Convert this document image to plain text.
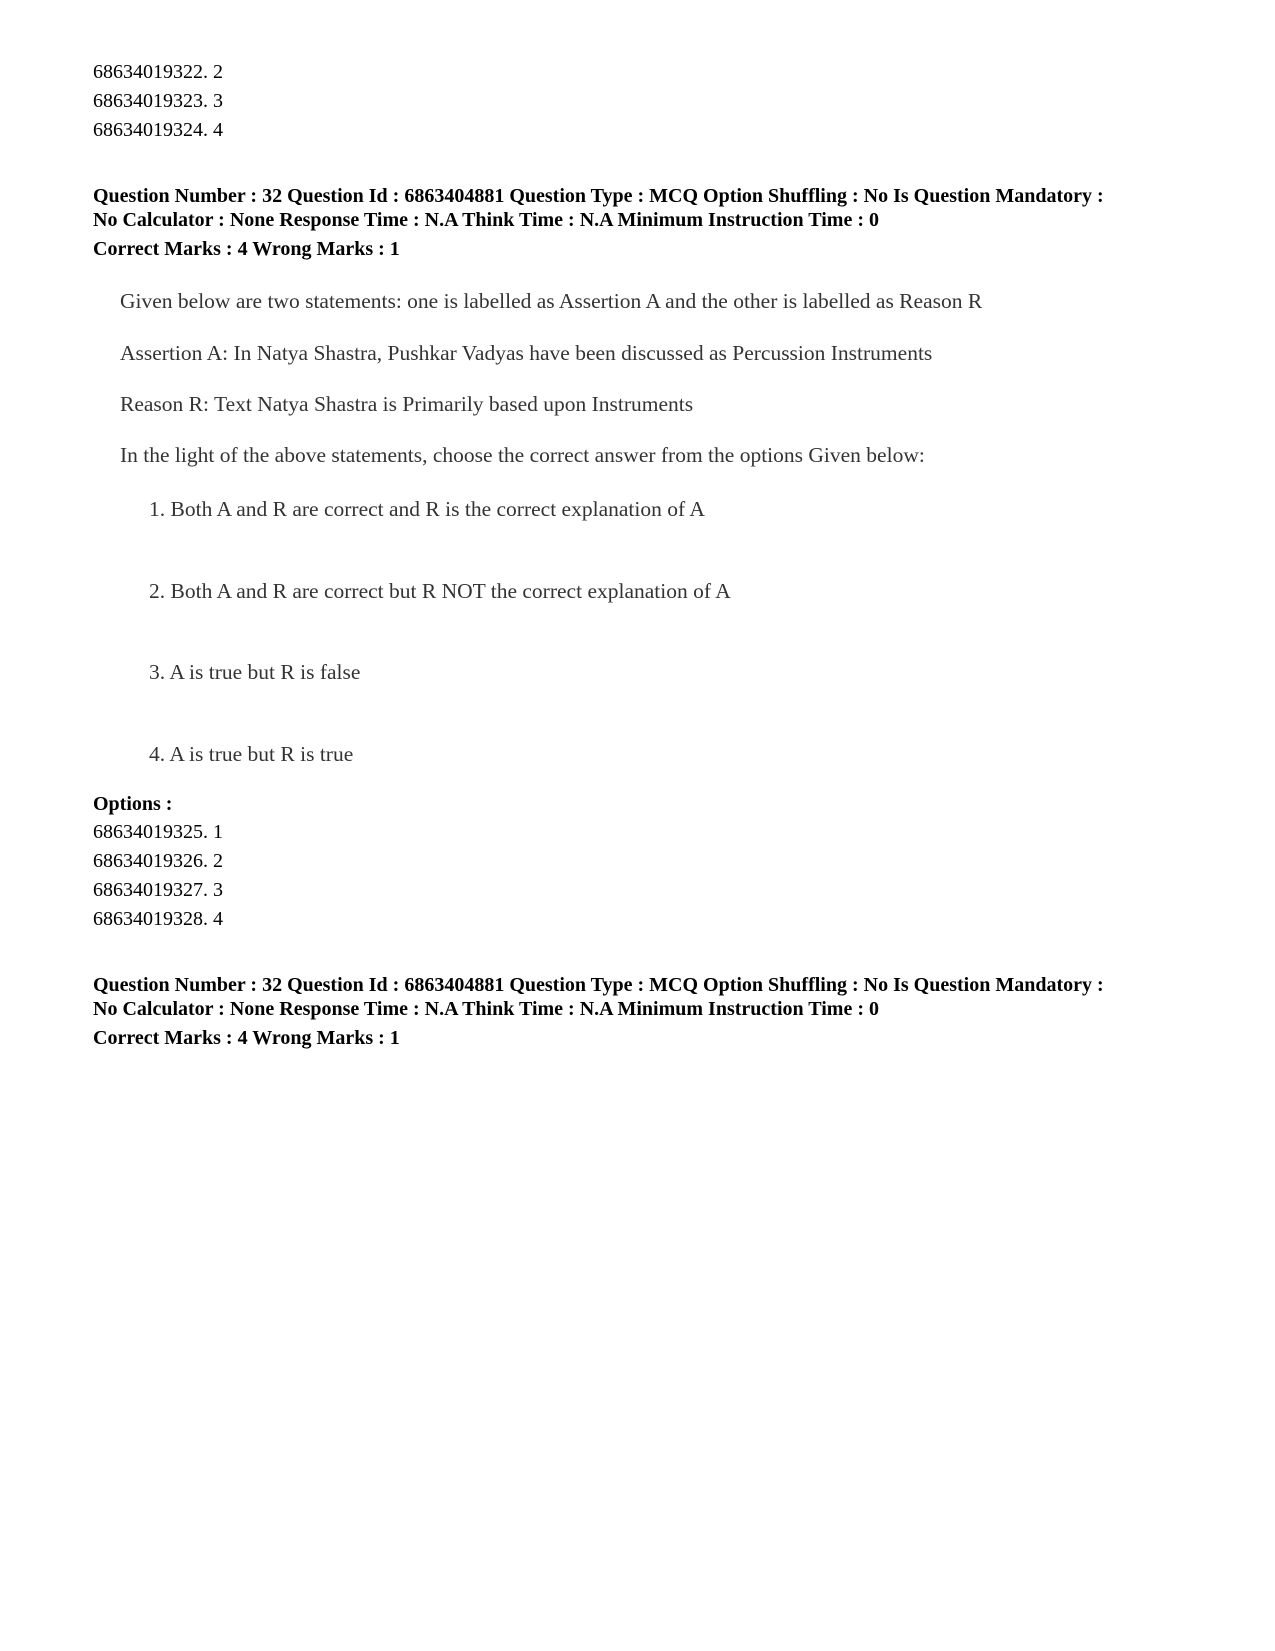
68634019322. 2
68634019323. 3
68634019324. 4
Question Number : 32 Question Id : 6863404881 Question Type : MCQ Option Shuffling : No Is Question Mandatory :
No Calculator : None Response Time : N.A Think Time : N.A Minimum Instruction Time : 0
Correct Marks : 4 Wrong Marks : 1
Given below are two statements: one is labelled as Assertion A and the other is labelled as Reason R
Assertion A: In Natya Shastra, Pushkar Vadyas have been discussed as Percussion Instruments
Reason R: Text Natya Shastra is Primarily based upon Instruments
In the light of the above statements, choose the correct answer from the options Given below:
1. Both A and R are correct and R is the correct explanation of A
2. Both A and R are correct but R NOT the correct explanation of A
3. A is true but R is false
4. A is true but R is true
Options :
68634019325. 1
68634019326. 2
68634019327. 3
68634019328. 4
Question Number : 32 Question Id : 6863404881 Question Type : MCQ Option Shuffling : No Is Question Mandatory :
No Calculator : None Response Time : N.A Think Time : N.A Minimum Instruction Time : 0
Correct Marks : 4 Wrong Marks : 1
